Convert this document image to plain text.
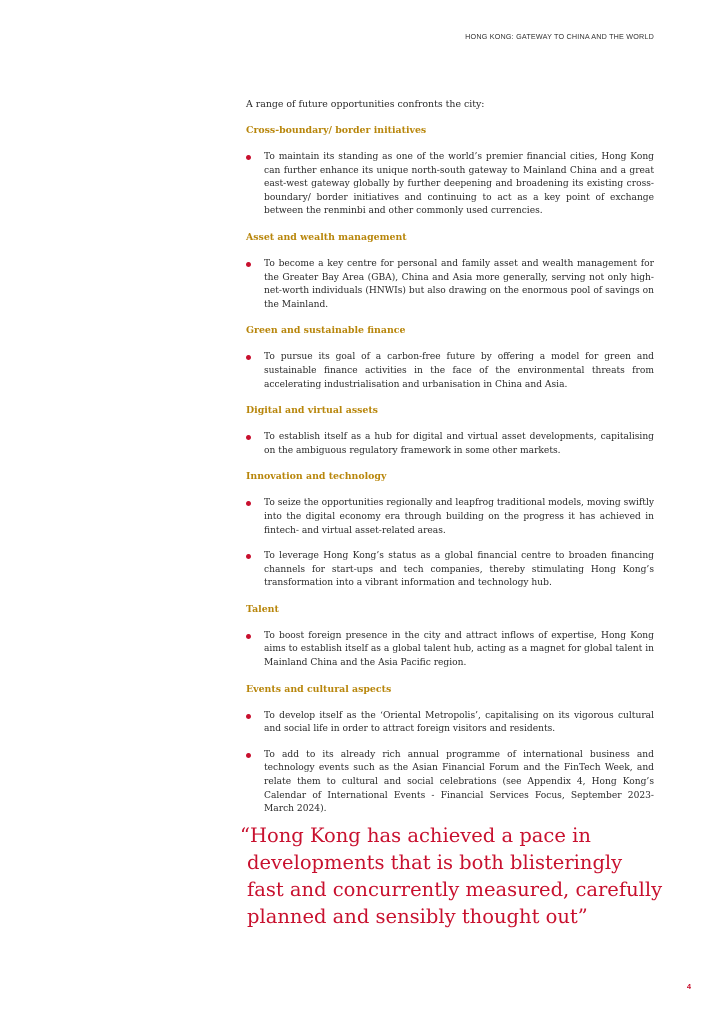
HONG KONG: GATEWAY TO CHINA AND THE WORLD

A range of future opportunities confronts the city:

Cross-boundary/ border initiatives
To maintain its standing as one of the world’s premier financial cities, Hong Kong can further enhance its unique north-south gateway to Mainland China and a great east-west gateway globally by further deepening and broadening its existing cross-boundary/ border initiatives and continuing to act as a key point of exchange between the renminbi and other commonly used currencies.
Asset and wealth management
To become a key centre for personal and family asset and wealth management for the Greater Bay Area (GBA), China and Asia more generally, serving not only high-net-worth individuals (HNWIs) but also drawing on the enormous pool of savings on the Mainland.
Green and sustainable finance
To pursue its goal of a carbon-free future by offering a model for green and sustainable finance activities in the face of the environmental threats from accelerating industrialisation and urbanisation in China and Asia.
Digital and virtual assets
To establish itself as a hub for digital and virtual asset developments, capitalising on the ambiguous regulatory framework in some other markets.
Innovation and technology
To seize the opportunities regionally and leapfrog traditional models, moving swiftly into the digital economy era through building on the progress it has achieved in fintech- and virtual asset-related areas.
To leverage Hong Kong’s status as a global financial centre to broaden financing channels for start-ups and tech companies, thereby stimulating Hong Kong’s transformation into a vibrant information and technology hub.
Talent
To boost foreign presence in the city and attract inflows of expertise, Hong Kong aims to establish itself as a global talent hub, acting as a magnet for global talent in Mainland China and the Asia Pacific region.
Events and cultural aspects
To develop itself as the ‘Oriental Metropolis’, capitalising on its vigorous cultural and social life in order to attract foreign visitors and residents.
To add to its already rich annual programme of international business and technology events such as the Asian Financial Forum and the FinTech Week, and relate them to cultural and social celebrations (see Appendix 4, Hong Kong’s Calendar of International Events - Financial Services Focus, September 2023- March 2024).
“Hong Kong has achieved a pace in
developments that is both blisteringly
fast and concurrently measured, carefully
planned and sensibly thought out”
4
